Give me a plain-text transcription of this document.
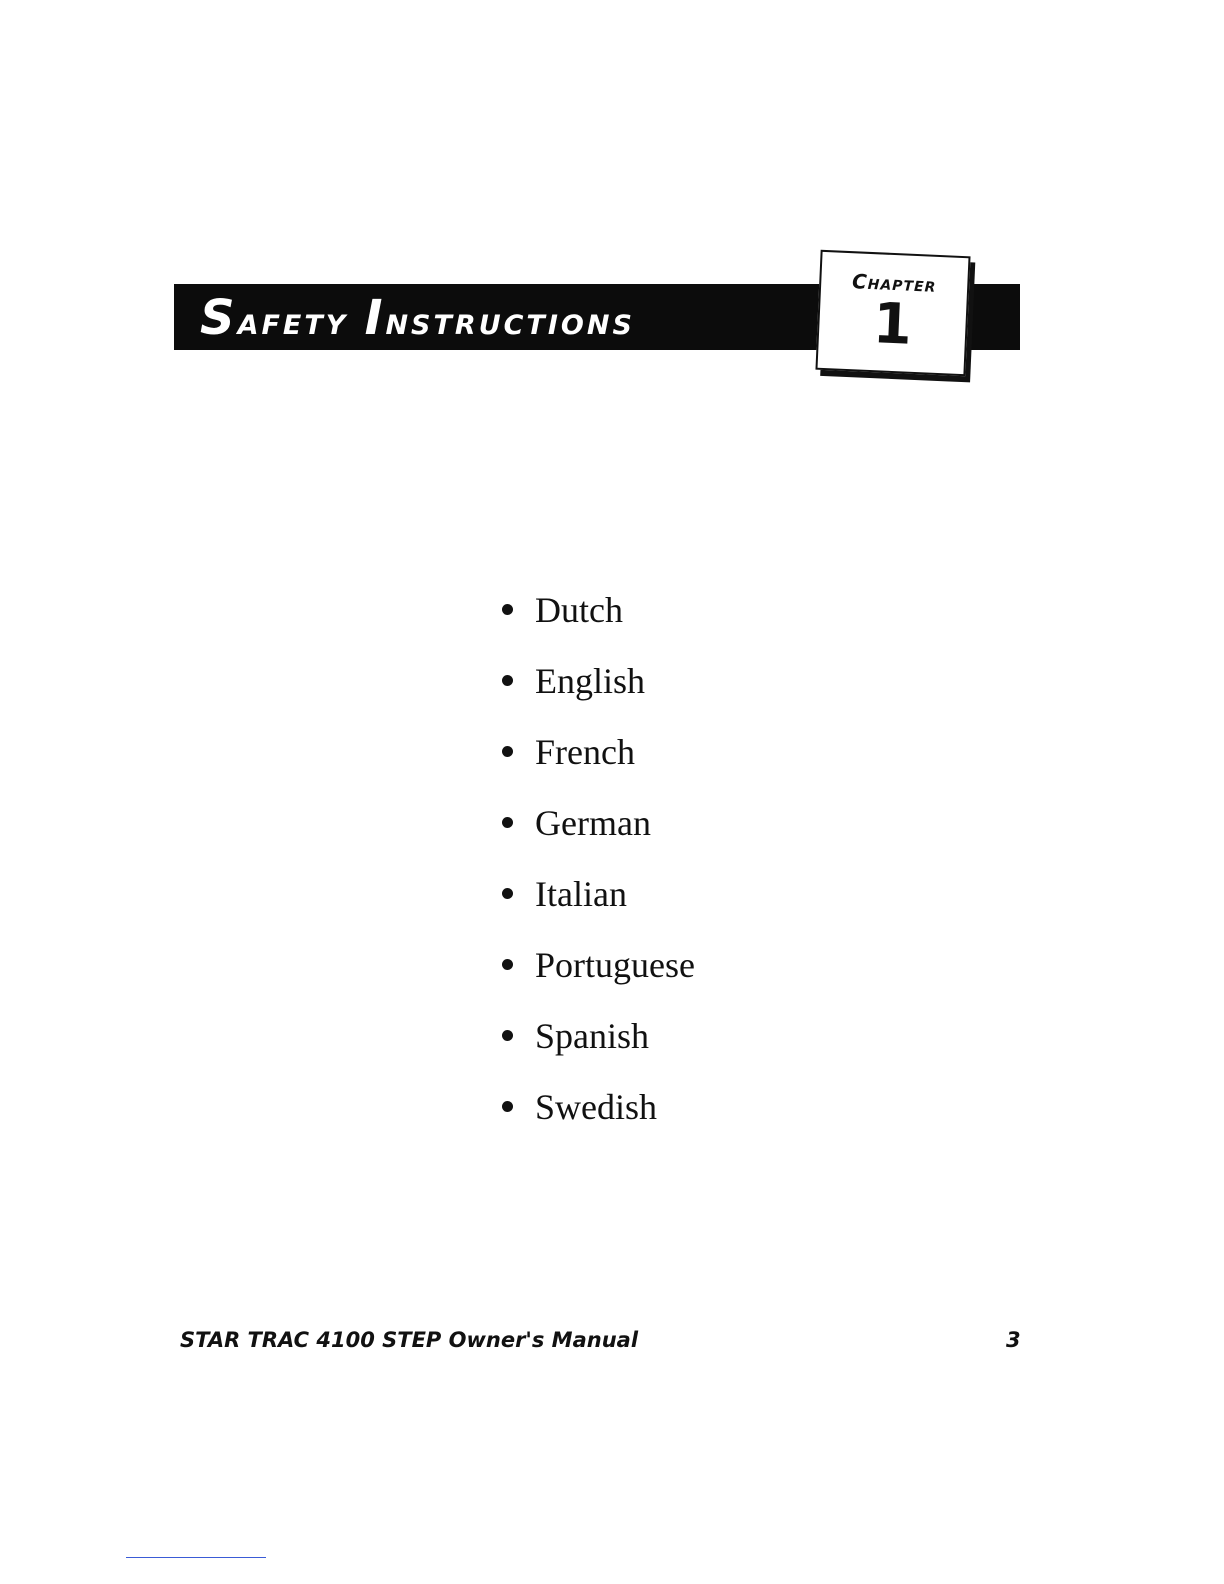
Safety Instructions
Chapter
1
Dutch
English
French
German
Italian
Portuguese
Spanish
Swedish
STAR TRAC 4100 STEP Owner's Manual	3
